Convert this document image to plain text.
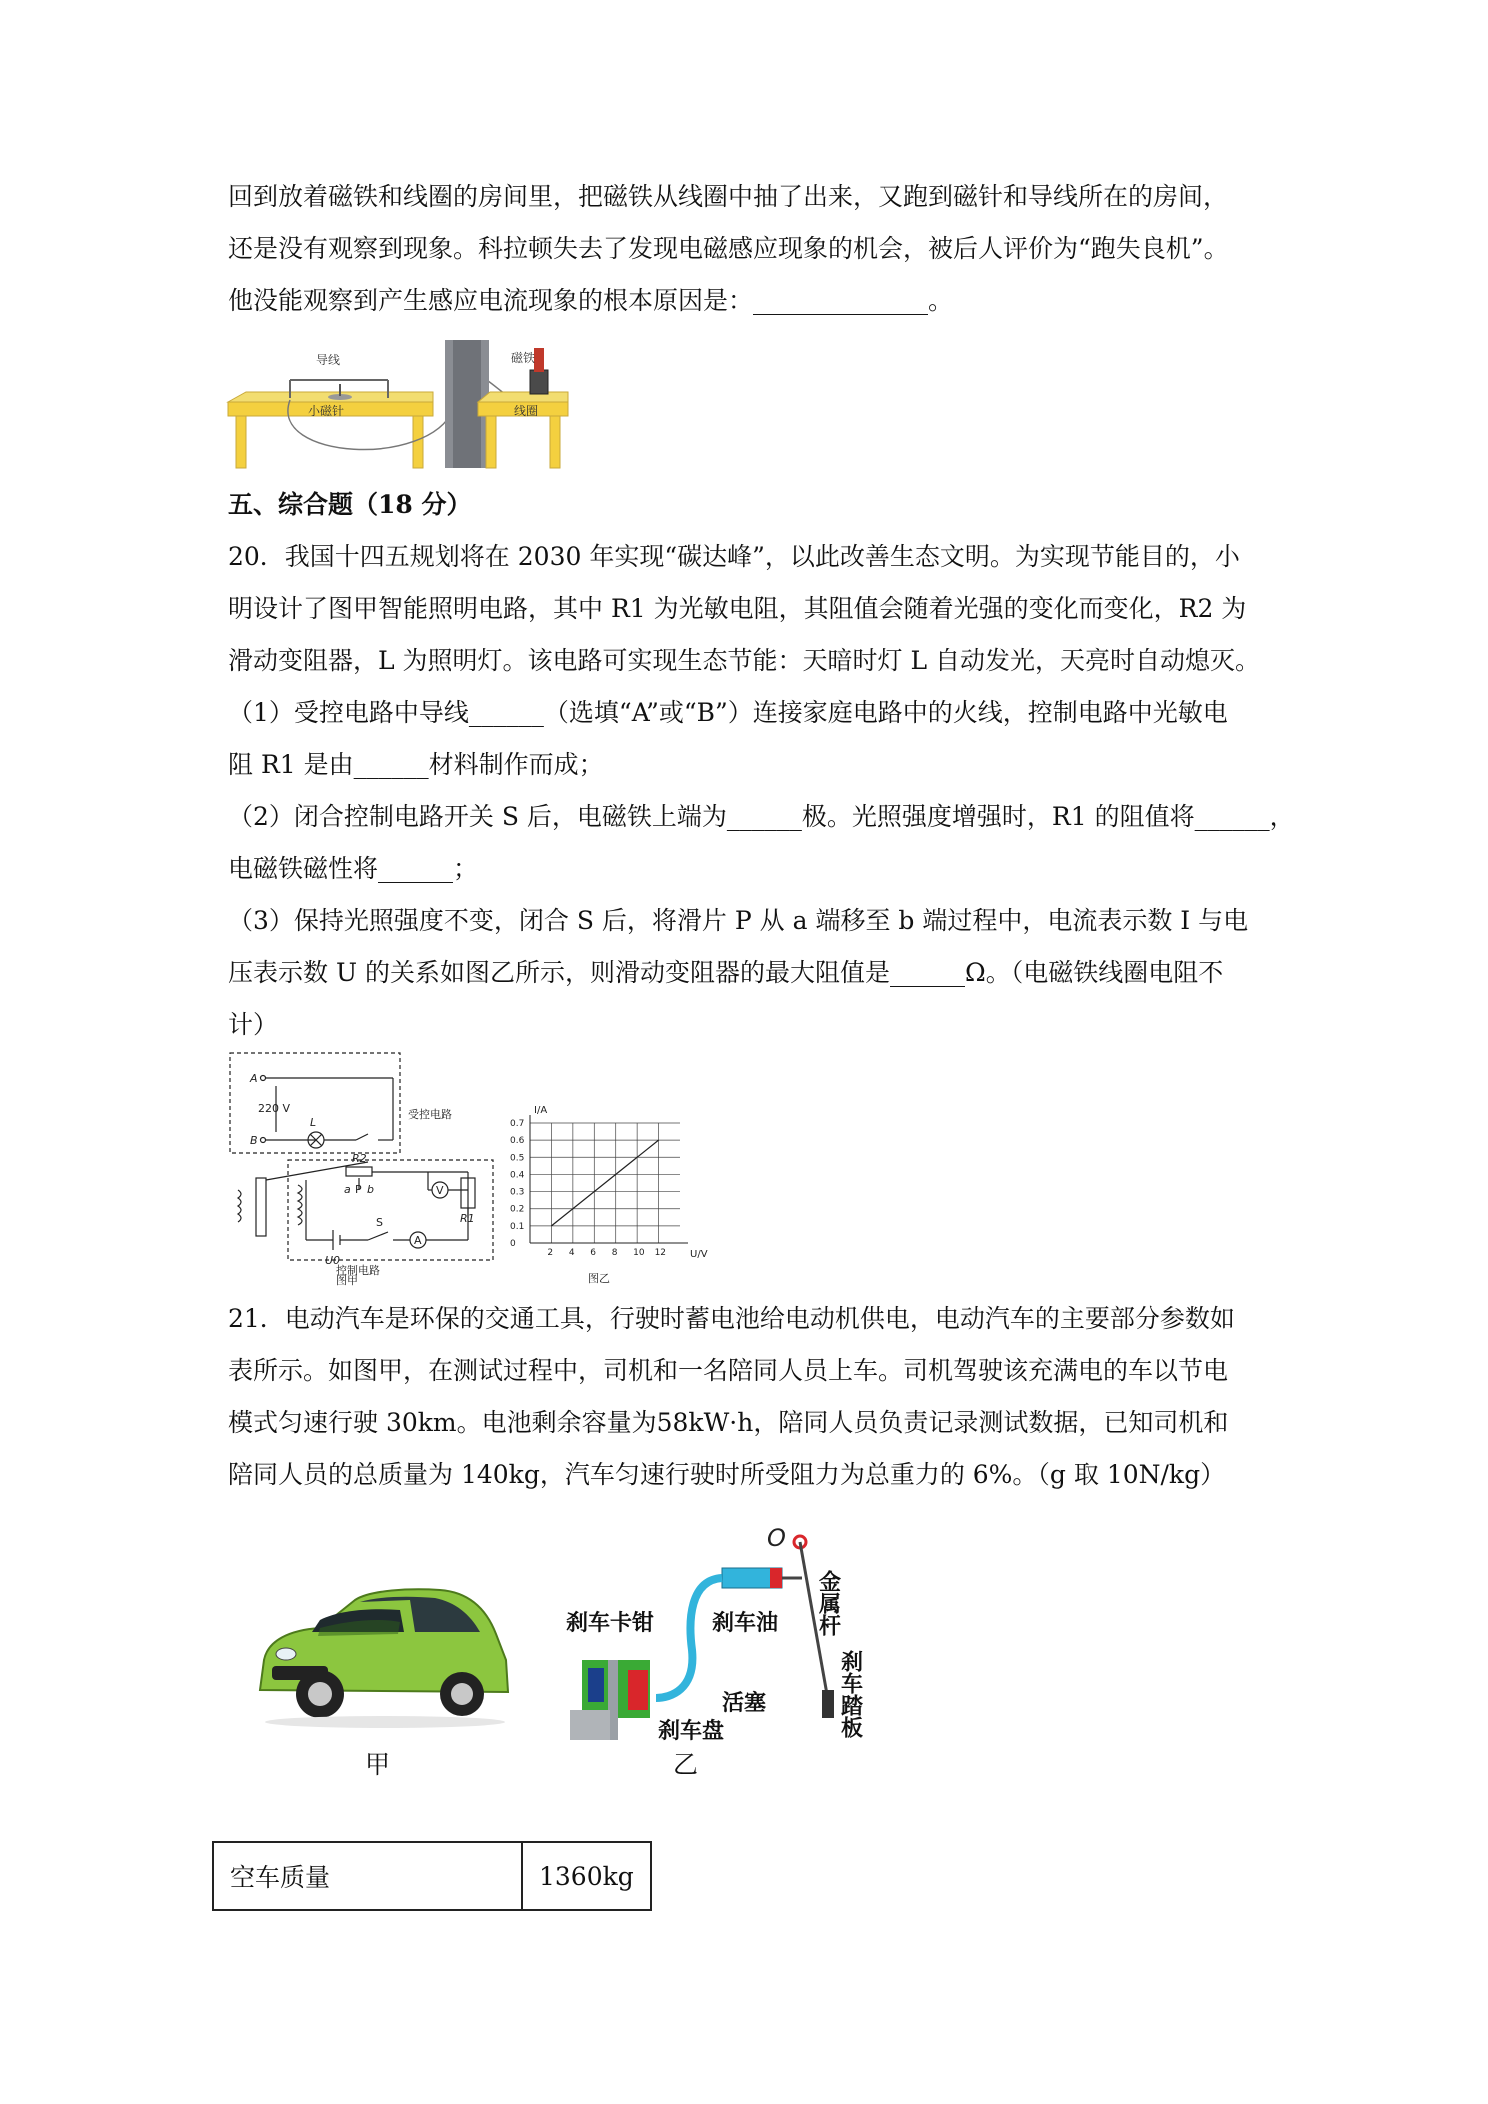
回到放着磁铁和线圈的房间里，把磁铁从线圈中抽了出来，又跑到磁针和导线所在的房间，
还是没有观察到现象。科拉顿失去了发现电磁感应现象的机会，被后人评价为“跑失良机”。
他没能观察到产生感应电流现象的根本原因是：______________。
导线
小磁针
磁铁
线圈
五、综合题（18 分）
20．我国十四五规划将在 2030 年实现“碳达峰”，以此改善生态文明。为实现节能目的，小
明设计了图甲智能照明电路，其中 R1 为光敏电阻，其阻值会随着光强的变化而变化，R2 为
滑动变阻器，L 为照明灯。该电路可实现生态节能：天暗时灯 L 自动发光，天亮时自动熄灭。
（1）受控电路中导线______（选填“A”或“B”）连接家庭电路中的火线，控制电路中光敏电
阻 R1 是由______材料制作而成；
（2）闭合控制电路开关 S 后，电磁铁上端为______极。光照强度增强时，R1 的阻值将______，
电磁铁磁性将______；
（3）保持光照强度不变，闭合 S 后，将滑片 P 从 a 端移至 b 端过程中，电流表示数 I 与电
压表示数 U 的关系如图乙所示，则滑动变阻器的最大阻值是______Ω。（电磁铁线圈电阻不
计）
A
B
220 V
L
受控电路
R2
a P b	V
R1
S
A
U0
控制电路
图甲
2 4 6 8 10 12
0
0.1
0.2
0.3
0.4
0.5
0.6
0.7
I/A
U/V
图乙
21．电动汽车是环保的交通工具，行驶时蓄电池给电动机供电，电动汽车的主要部分参数如
表所示。如图甲，在测试过程中，司机和一名陪同人员上车。司机驾驶该充满电的车以节电
模式匀速行驶 30km。电池剩余容量为58kW·h，陪同人员负责记录测试数据，已知司机和
陪同人员的总质量为 140kg，汽车匀速行驶时所受阻力为总重力的 6%。（g 取 10N/kg）
甲
O
刹车卡钳	刹车油
活塞
刹车盘
金属杆
刹车踏板
乙
空车质量	1360kg
